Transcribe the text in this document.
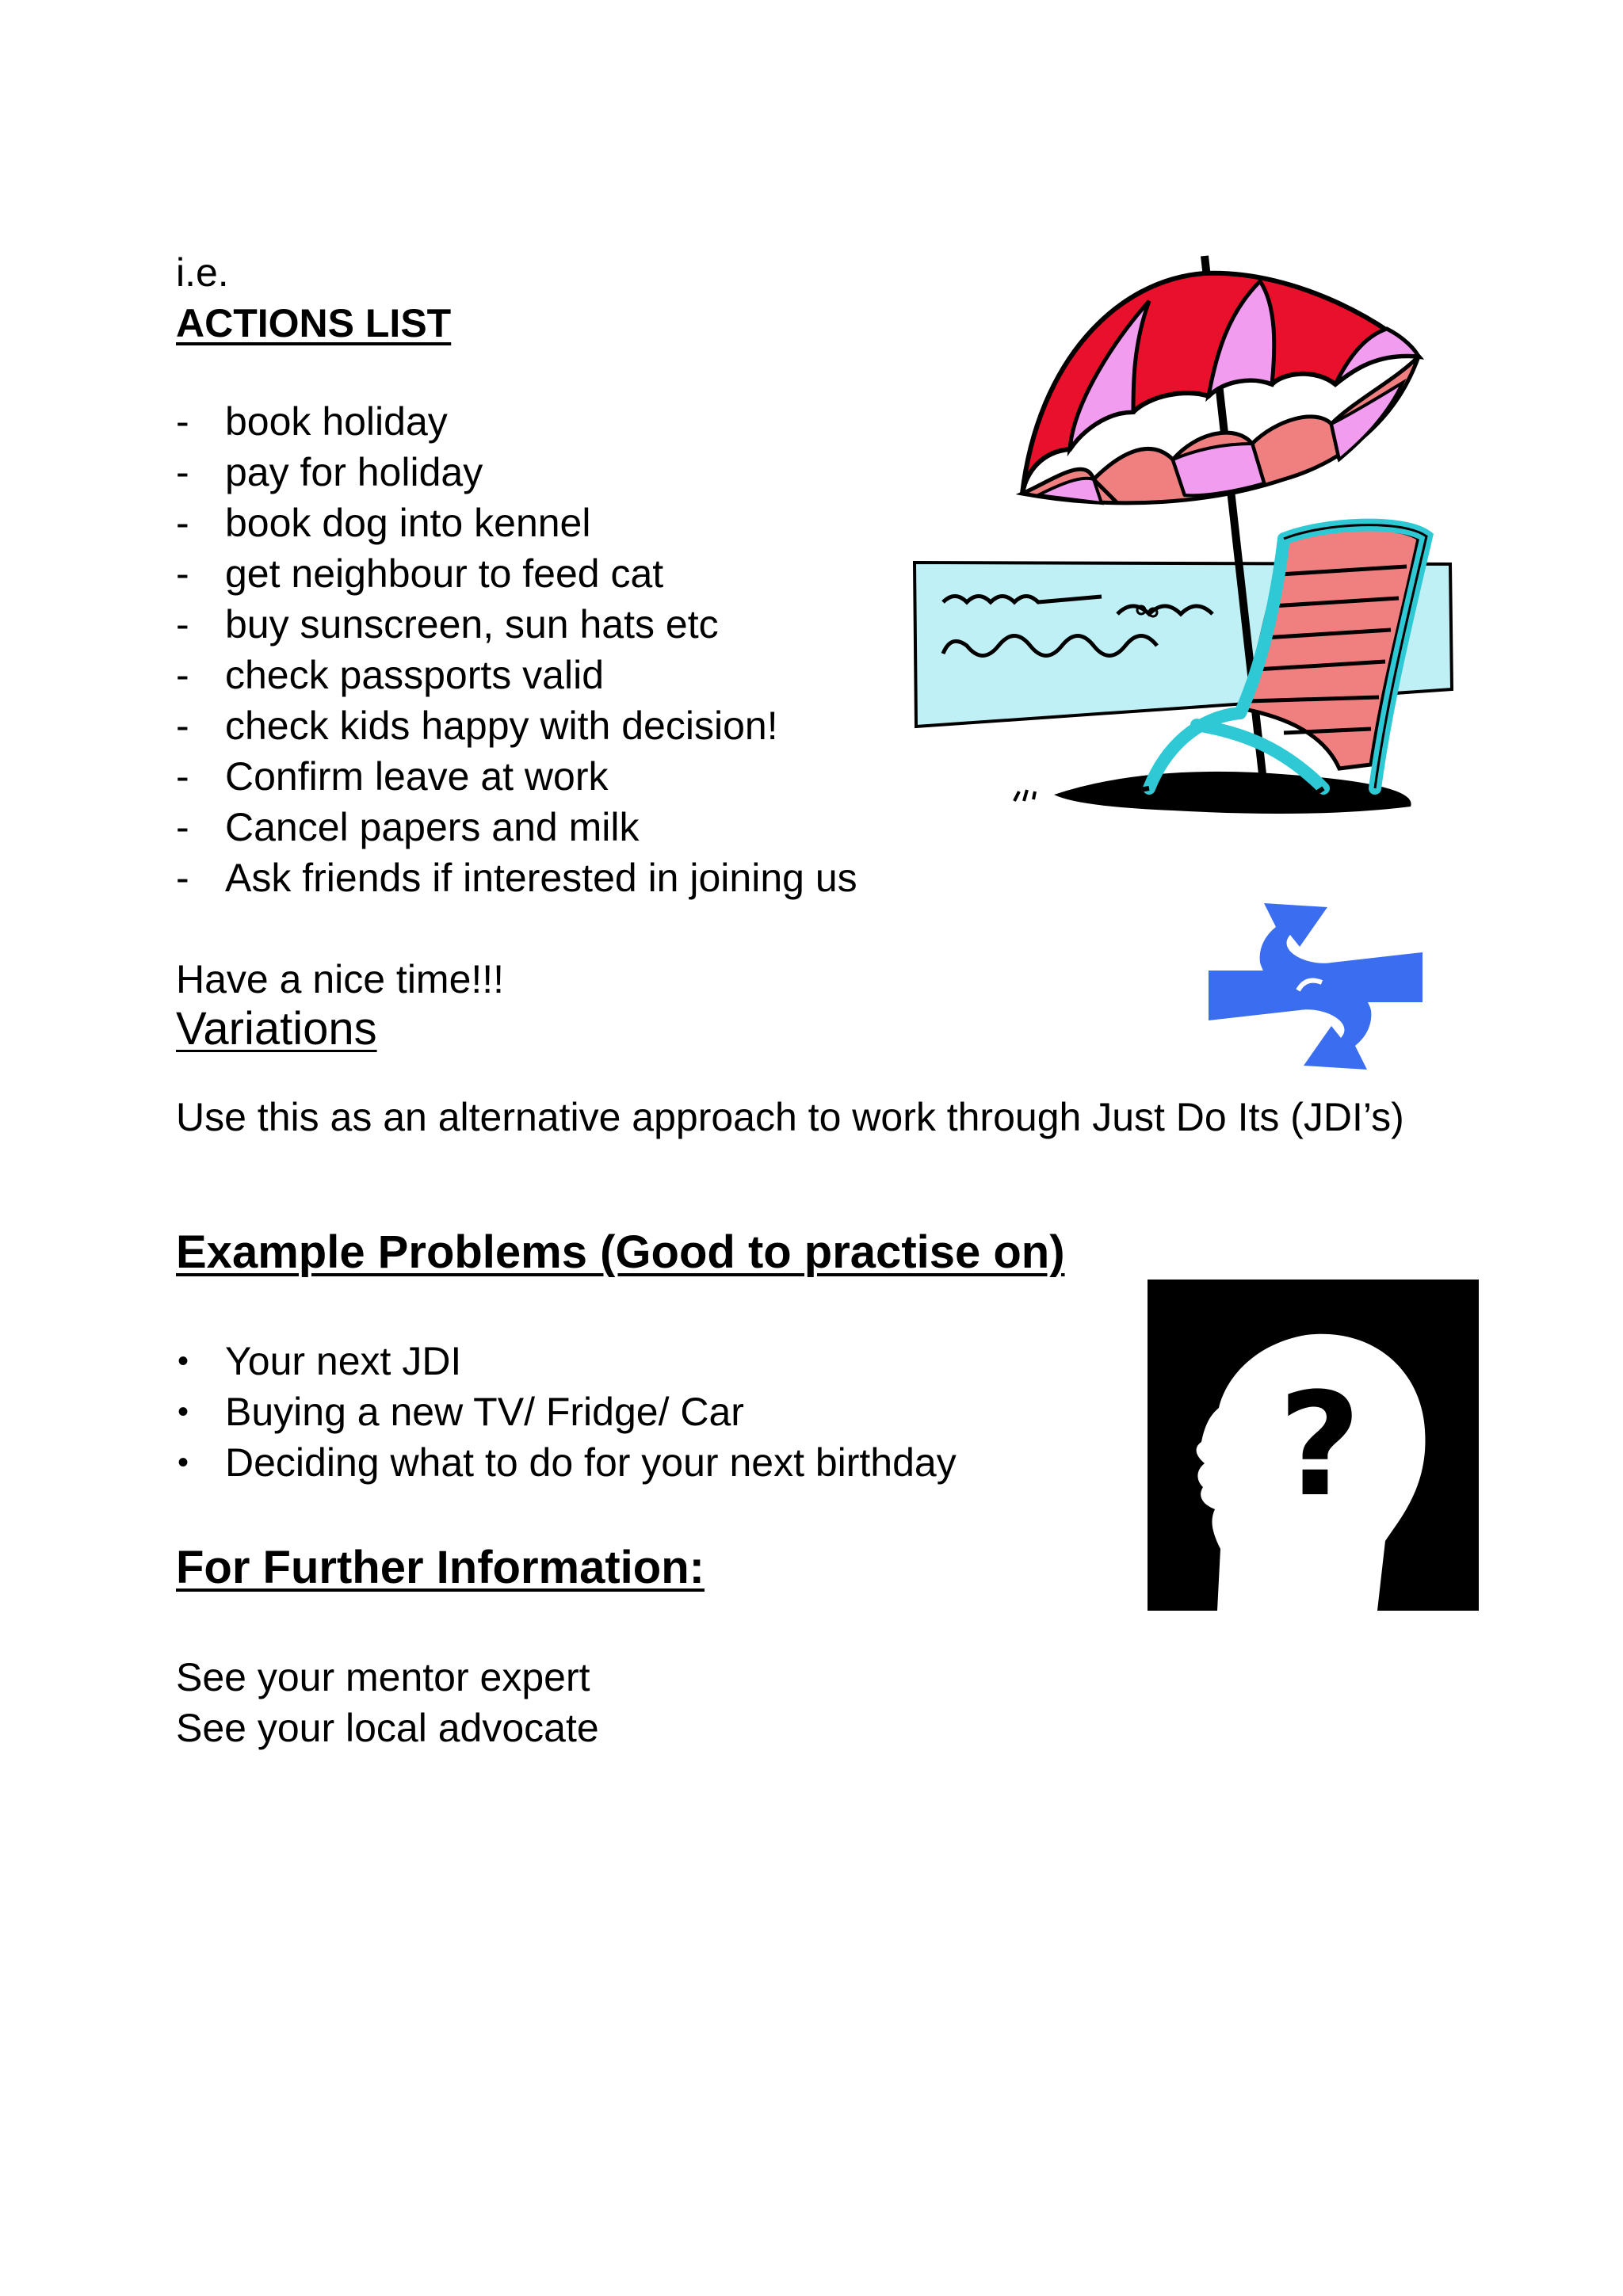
i.e.
ACTIONS LIST
- book holiday
- pay for holiday
- book dog into kennel
- get neighbour to feed cat
- buy sunscreen, sun hats etc
- check passports valid
- check kids happy with decision!
- Confirm leave at work
- Cancel papers and milk
- Ask friends if interested in joining us
Have a nice time!!!
Variations
Use this as an alternative approach to work through Just Do Its (JDI’s)
Example Problems (Good to practise on)
• Your next JDI
• Buying a new TV/ Fridge/ Car
• Deciding what to do for your next birthday ?
For Further Information:
See your mentor expert
See your local advocate
